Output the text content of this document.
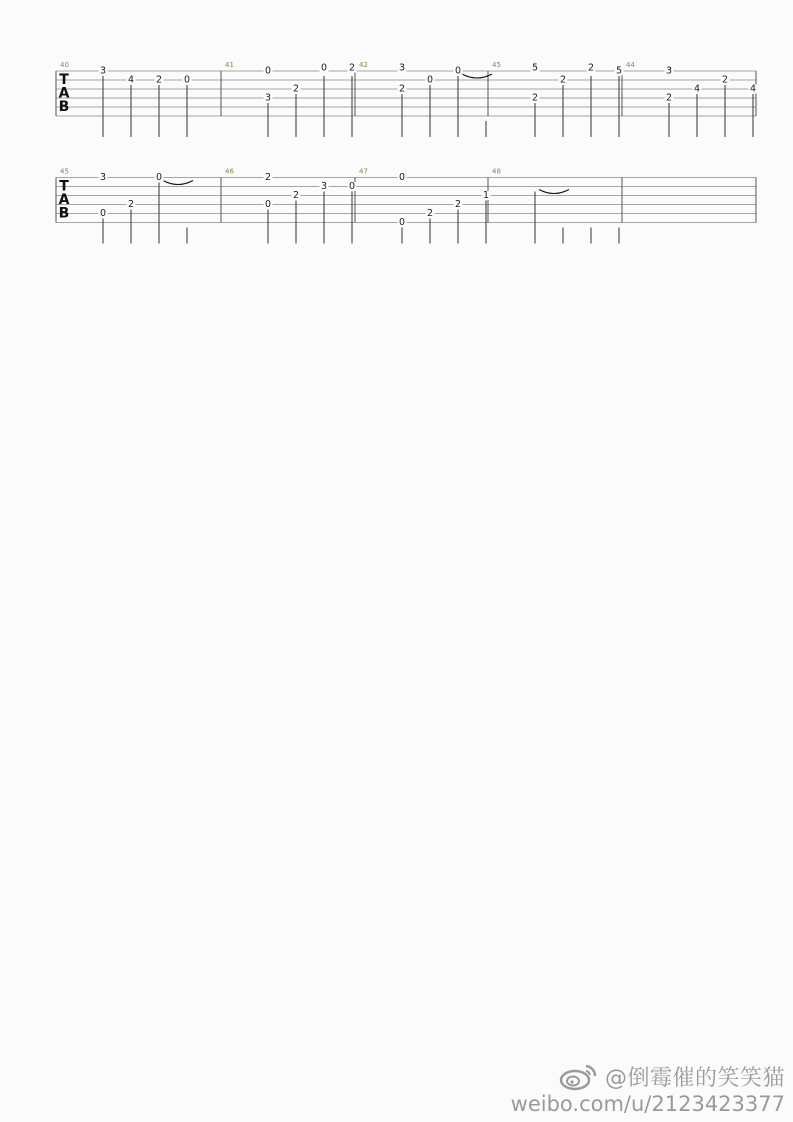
T
A
B
40
3
4 2 0
41
0
3
2
0 2 42	3
2
0
0
45	5
2
2
2 5
44
3
2
4
2
4
T
A
B
45
3
0
2
0
46
2
0
2
3 0
47
0
0
2
2
1
48
@倒霉催的笑笑猫
weibo.com/u/2123423377
